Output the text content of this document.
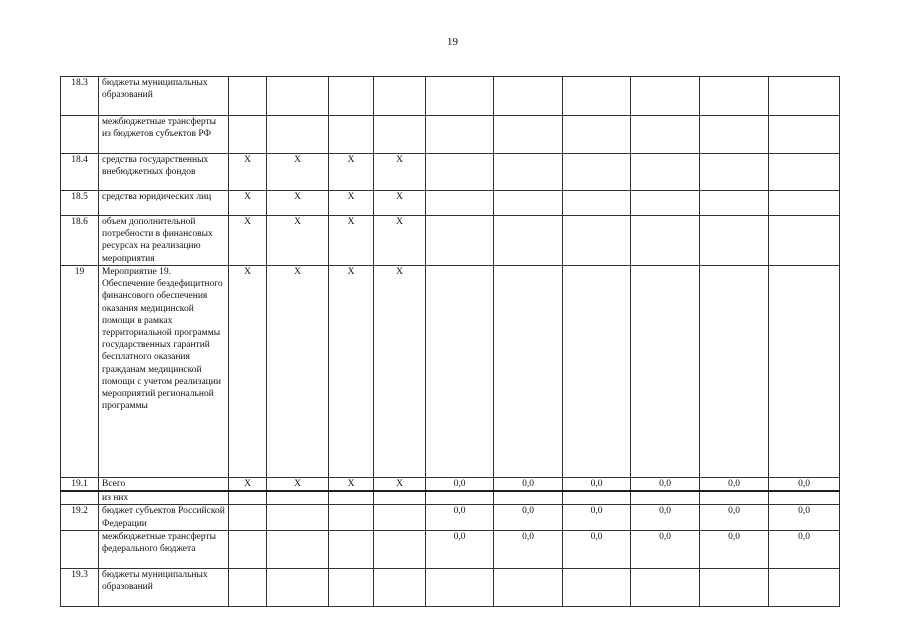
19
18.3	бюджеты муниципальных образований										
	межбюджетные трансферты из бюджетов субъектов РФ										
18.4	средства государственных внебюджетных фондов	X	X	X	X						
18.5	средства юридических лиц	X	X	X	X						
18.6	объем дополнительной потребности в финансовых ресурсах на реализацию мероприятия	X	X	X	X						
19	Мероприятие 19. Обеспечение бездефицитного финансового обеспечения оказания медицинской помощи в рамках территориальной программы государственных гарантий бесплатного оказания гражданам медицинской помощи с учетом реализации мероприятий региональной программы	X	X	X	X						
19.1	Всего	X	X	X	X	0,0	0,0	0,0	0,0	0,0	0,0
	из них										
19.2	бюджет субъектов Российской Федерации					0,0	0,0	0,0	0,0	0,0	0,0
	межбюджетные трансферты федерального бюджета					0,0	0,0	0,0	0,0	0,0	0,0
19.3	бюджеты муниципальных образований										
